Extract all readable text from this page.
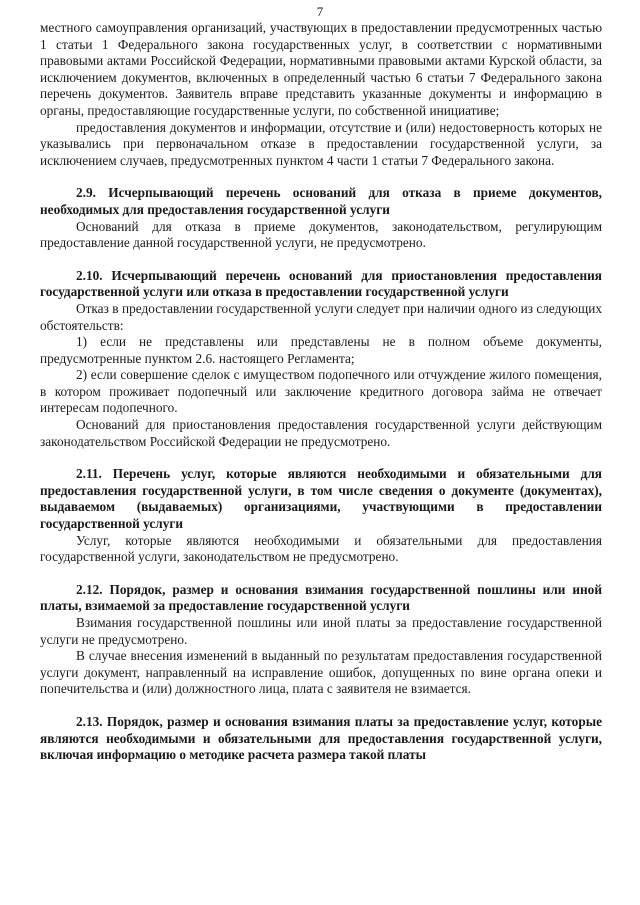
7

местного самоуправления организаций, участвующих в предоставлении предусмотренных частью 1 статьи 1 Федерального закона государственных услуг, в соответствии с нормативными правовыми актами Российской Федерации, нормативными правовыми актами Курской области, за исключением документов, включенных в определенный частью 6 статьи 7 Федерального закона перечень документов. Заявитель вправе представить указанные документы и информацию в органы, предоставляющие государственные услуги, по собственной инициативе;

предоставления документов и информации, отсутствие и (или) недостоверность которых не указывались при первоначальном отказе в предоставлении государственной услуги, за исключением случаев, предусмотренных пунктом 4 части 1 статьи 7 Федерального закона.

2.9. Исчерпывающий перечень оснований для отказа в приеме документов, необходимых для предоставления государственной услуги

Оснований для отказа в приеме документов, законодательством, регулирующим предоставление данной государственной услуги, не предусмотрено.

2.10. Исчерпывающий перечень оснований для приостановления предоставления государственной услуги или отказа в предоставлении государственной услуги

Отказ в предоставлении государственной услуги следует при наличии одного из следующих обстоятельств:

1) если не представлены или представлены не в полном объеме документы, предусмотренные пунктом 2.6. настоящего Регламента;

2) если совершение сделок с имуществом подопечного или отчуждение жилого помещения, в котором проживает подопечный или заключение кредитного договора займа не отвечает интересам подопечного.

Оснований для приостановления предоставления государственной услуги действующим законодательством Российской Федерации не предусмотрено.

2.11. Перечень услуг, которые являются необходимыми и обязательными для предоставления государственной услуги, в том числе сведения о документе (документах), выдаваемом (выдаваемых) организациями, участвующими в предоставлении государственной услуги

Услуг, которые являются необходимыми и обязательными для предоставления государственной услуги, законодательством не предусмотрено.

2.12. Порядок, размер и основания взимания государственной пошлины или иной платы, взимаемой за предоставление государственной услуги

Взимания государственной пошлины или иной платы за предоставление государственной услуги не предусмотрено.

В случае внесения изменений в выданный по результатам предоставления государственной услуги документ, направленный на исправление ошибок, допущенных по вине органа опеки и попечительства и (или) должностного лица, плата с заявителя не взимается.

2.13. Порядок, размер и основания взимания платы за предоставление услуг, которые являются необходимыми и обязательными для предоставления государственной услуги, включая информацию о методике расчета размера такой платы
